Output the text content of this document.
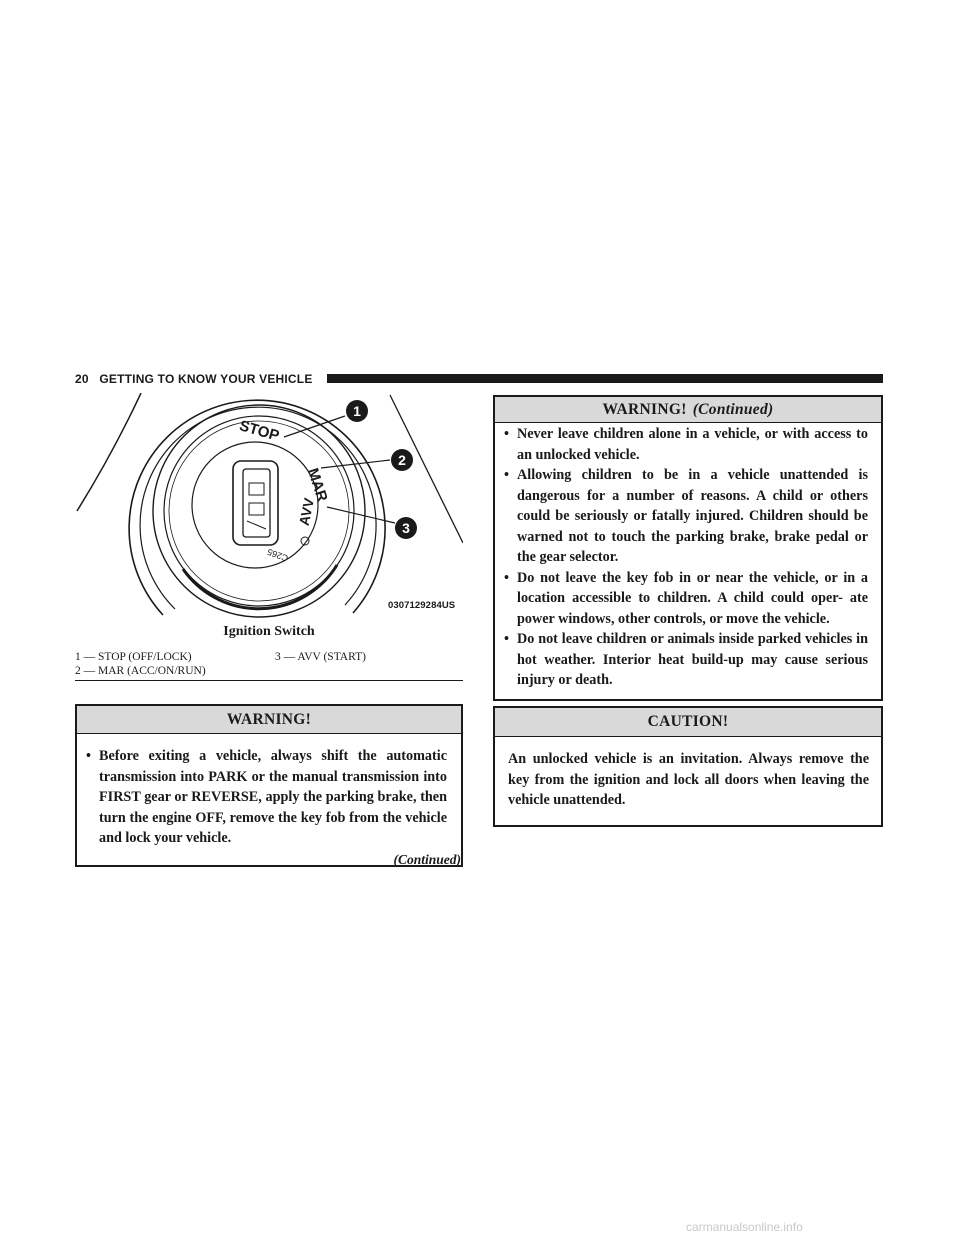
20 GETTING TO KNOW YOUR VEHICLE
STOP
MAR
AVV
C265
1
2
3
0307129284US
Ignition Switch
1 — STOP (OFF/LOCK)	3 — AVV (START)
2 — MAR (ACC/ON/RUN)
WARNING!
• Before exiting a vehicle, always shift the automatic transmission into PARK or the manual transmission into FIRST gear or REVERSE, apply the parking brake, then turn the engine OFF, remove the key fob from the vehicle and lock your vehicle.
(Continued)
WARNING! (Continued)
• Never leave children alone in a vehicle, or with access to an unlocked vehicle.
• Allowing children to be in a vehicle unattended is dangerous for a number of reasons. A child or others could be seriously or fatally injured. Children should be warned not to touch the parking brake, brake pedal or the gear selector.
• Do not leave the key fob in or near the vehicle, or in a location accessible to children. A child could oper- ate power windows, other controls, or move the vehicle.
• Do not leave children or animals inside parked vehicles in hot weather. Interior heat build-up may cause serious injury or death.
CAUTION!

An unlocked vehicle is an invitation. Always remove the key from the ignition and lock all doors when leaving the vehicle unattended.

carmanualsonline.info
